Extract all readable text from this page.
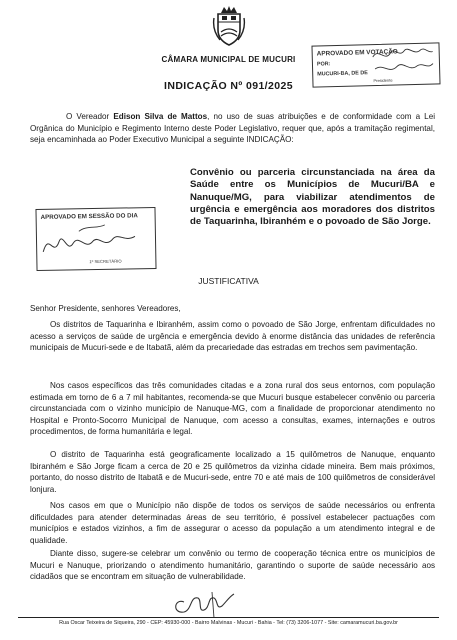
CÂMARA MUNICIPAL DE MUCURI
INDICAÇÃO Nº 091/2025
APROVADO EM VOTAÇÃO
POR:
MUCURI-BA, DE DE
Presidente

O Vereador Edison Silva de Mattos, no uso de suas atribuições e de conformidade com a Lei Orgânica do Município e Regimento Interno deste Poder Legislativo, requer que, após a tramitação regimental, seja encaminhada ao Poder Executivo Municipal a seguinte INDICAÇÃO:

APROVADO EM SESSÃO DO DIA
1º SECRETÁRIO

Convênio ou parceria circunstanciada na área da Saúde entre os Municípios de Mucuri/BA e Nanuque/MG, para viabilizar atendimentos de urgência e emergência aos moradores dos distritos de Taquarinha, Ibiranhém e o povoado de São Jorge.

JUSTIFICATIVA
Senhor Presidente, senhores Vereadores,

Os distritos de Taquarinha e Ibiranhém, assim como o povoado de São Jorge, enfrentam dificuldades no acesso a serviços de saúde de urgência e emergência devido à enorme distância das unidades de referência municipais de Mucuri-sede e de Itabatã, além da precariedade das estradas em trechos sem pavimentação.

Nos casos específicos das três comunidades citadas e a zona rural dos seus entornos, com população estimada em torno de 6 a 7 mil habitantes, recomenda-se que Mucuri busque estabelecer convênio ou parceria circunstanciada com o vizinho município de Nanuque-MG, com a finalidade de proporcionar atendimento no Hospital e Pronto-Socorro Municipal de Nanuque, com acesso a consultas, exames, internações e outros procedimentos, de forma humanitária e legal.

O distrito de Taquarinha está geograficamente localizado a 15 quilômetros de Nanuque, enquanto Ibiranhém e São Jorge ficam a cerca de 20 e 25 quilômetros da vizinha cidade mineira. Bem mais próximos, portanto, do nosso distrito de Itabatã e de Mucuri-sede, entre 70 e até mais de 100 quilômetros de considerável lonjura.

Nos casos em que o Município não dispõe de todos os serviços de saúde necessários ou enfrenta dificuldades para atender determinadas áreas de seu território, é possível estabelecer pactuações com municípios e estados vizinhos, a fim de assegurar o acesso da população a um atendimento integral e de qualidade.

Diante disso, sugere-se celebrar um convênio ou termo de cooperação técnica entre os municípios de Mucuri e Nanuque, priorizando o atendimento humanitário, garantindo o suporte de saúde necessário aos cidadãos que se encontram em situação de vulnerabilidade.

Rua Oscar Teixeira de Siqueira, 290 - CEP: 45930-000 - Bairro Malvinas - Mucuri - Bahia - Tel: (73) 3206-1077 - Site: camaramucuri.ba.gov.br
